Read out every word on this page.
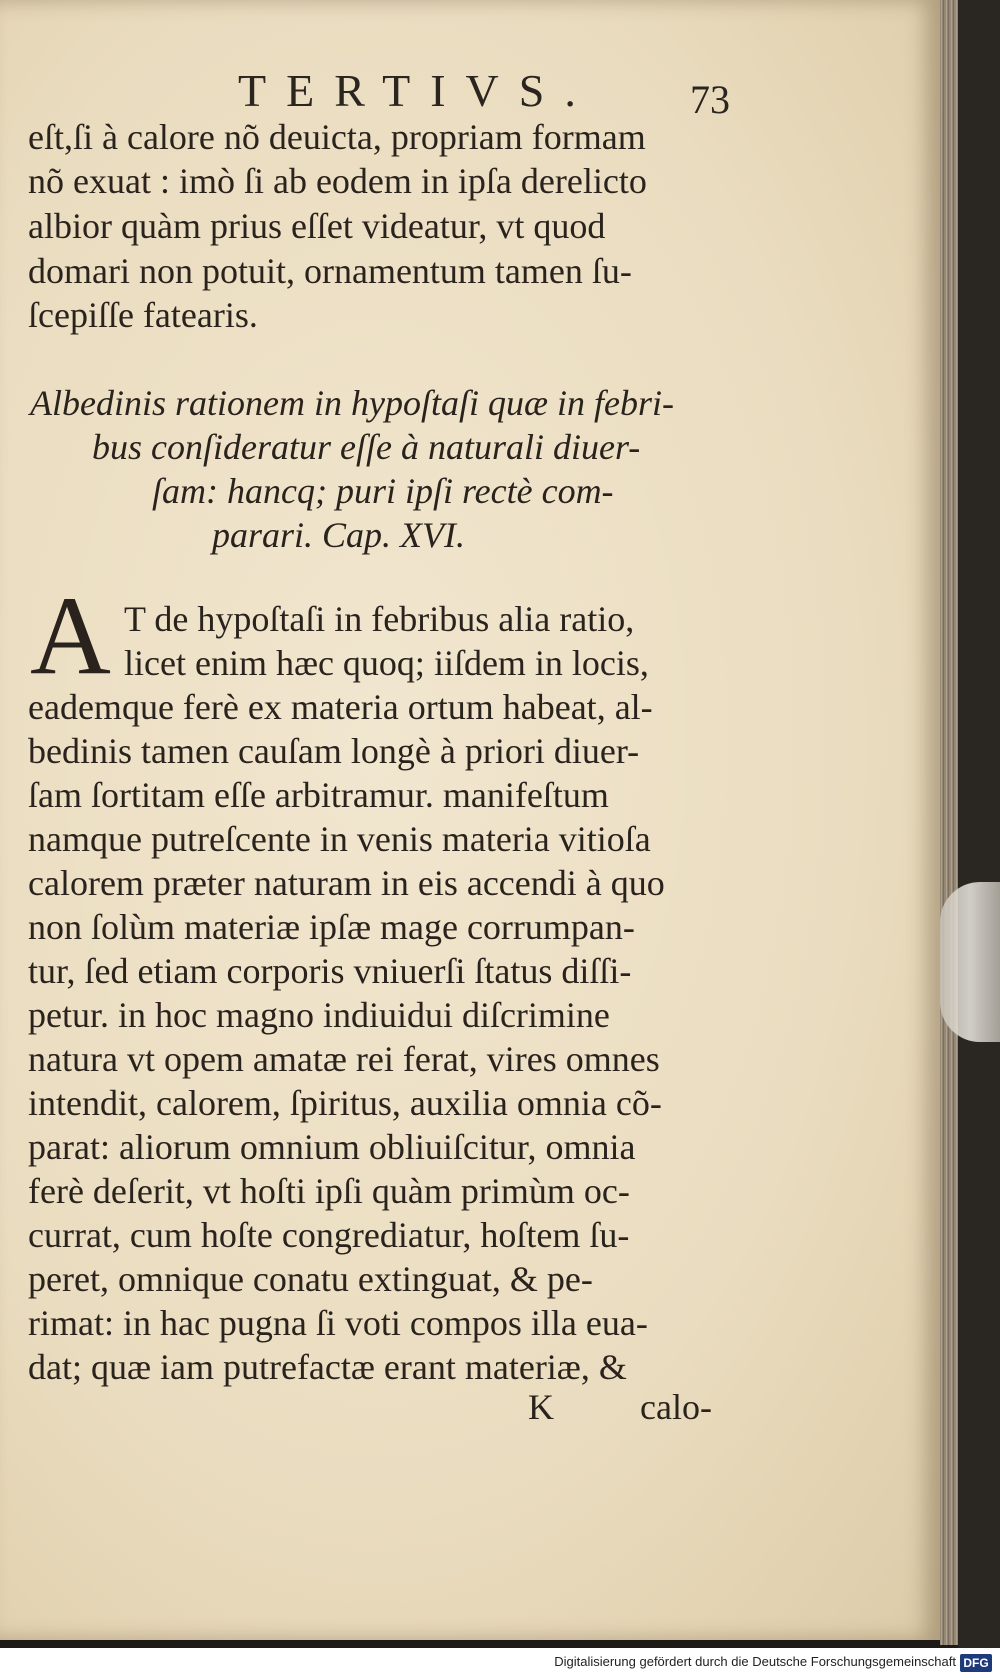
TERTIVS.	73
eſt,ſi à calore nõ deuicta, propriam formam
nõ exuat : imò ſi ab eodem in ipſa derelicto
albior quàm prius eſſet videatur, vt quod
domari non potuit, ornamentum tamen ſu-
ſcepiſſe fatearis.
Albedinis rationem in hypoſtaſi quæ in febri-
bus conſideratur eſſe à naturali diuer-
ſam: hancq; puri ipſi rectè com-
parari. Cap. XVI.
A T de hypoſtaſi in febribus alia ratio,
licet enim hæc quoq; iiſdem in locis,
eademque ferè ex materia ortum habeat, al-
bedinis tamen cauſam longè à priori diuer-
ſam ſortitam eſſe arbitramur. manifeſtum
namque putreſcente in venis materia vitioſa
calorem præter naturam in eis accendi à quo
non ſolùm materiæ ipſæ mage corrumpan-
tur, ſed etiam corporis vniuerſi ſtatus diſſi-
petur. in hoc magno indiuidui diſcrimine
natura vt opem amatæ rei ferat, vires omnes
intendit, calorem, ſpiritus, auxilia omnia cõ-
parat: aliorum omnium obliuiſcitur, omnia
ferè deſerit, vt hoſti ipſi quàm primùm oc-
currat, cum hoſte congrediatur, hoſtem ſu-
peret, omnique conatu extinguat, & pe-
rimat: in hac pugna ſi voti compos illa eua-
dat; quæ iam putrefactæ erant materiæ, &
K calo-
Digitalisierung gefördert durch die Deutsche Forschungsgemeinschaft DFG
